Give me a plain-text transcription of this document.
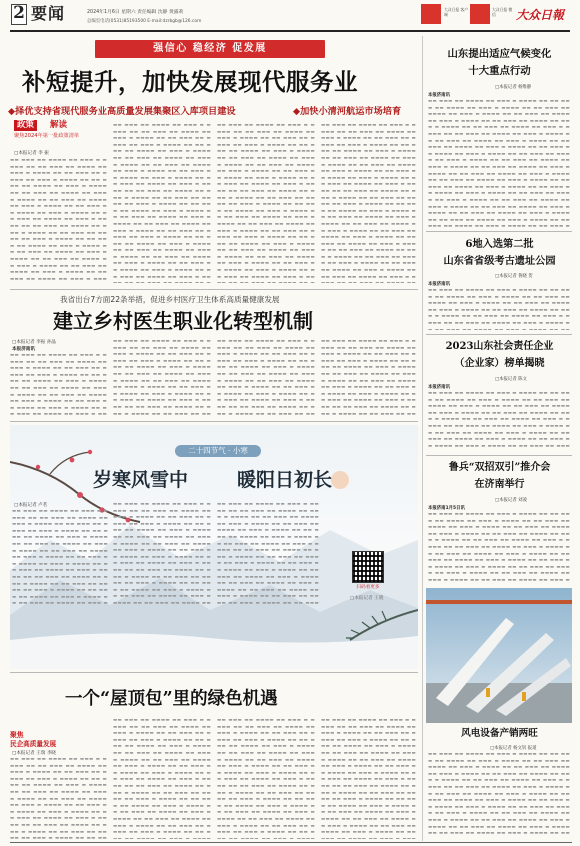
2 要闻	2024年1月6日 星期六 责任编辑 沈静 黄露莉
总编室电话(0531)85193500 E-mail:dzrbgb@126.com
大众日报 客户端
大众日报 微信	大众日報
强信心 稳经济 促发展
补短提升，加快发展现代服务业
◆择优支持省现代服务业高质量发展集聚区入库项目建设	◆加快小清河航运市场培育
政策	解读
聚焦2024年第一批政策清单
□本报记者 李 振
▬▬ ▬▬▬ ▬▬ ▬▬▬▬ ▬▬ ▬▬▬ ▬ ▬▬▬▬ ▬▬ ▬▬ ▬▬▬ ▬▬ ▬▬▬▬ ▬▬ ▬▬▬ ▬ ▬▬▬▬ ▬▬ ▬▬ ▬▬▬ ▬▬ ▬▬▬▬ ▬▬ ▬▬▬ ▬ ▬▬▬▬ ▬▬ ▬▬ ▬▬▬ ▬▬ ▬▬▬▬ ▬▬ ▬▬▬ ▬ ▬▬▬▬ ▬▬ ▬▬ ▬▬▬ ▬▬ ▬▬▬▬ ▬▬ ▬▬▬ ▬ ▬▬▬▬ ▬▬ ▬▬ ▬▬▬ ▬▬ ▬▬▬▬ ▬▬ ▬▬▬ ▬ ▬▬▬▬ ▬▬ ▬▬ ▬▬▬ ▬▬ ▬▬▬▬ ▬▬ ▬▬▬ ▬ ▬▬▬▬ ▬▬ ▬▬ ▬▬▬ ▬▬ ▬▬▬▬ ▬▬ ▬▬▬ ▬ ▬▬▬▬ ▬▬ ▬▬ ▬▬▬ ▬▬ ▬▬▬▬ ▬▬ ▬▬▬ ▬ ▬▬▬▬ ▬▬ ▬▬ ▬▬▬ ▬▬ ▬▬▬▬ ▬▬ ▬▬▬ ▬ ▬▬▬▬ ▬▬ ▬▬ ▬▬▬ ▬▬ ▬▬▬▬ ▬▬ ▬▬▬ ▬ ▬▬▬▬ ▬▬ ▬▬ ▬▬▬ ▬▬ ▬▬▬▬ ▬▬ ▬▬▬ ▬ ▬▬▬▬ ▬▬ ▬▬ ▬▬▬ ▬▬ ▬▬▬▬ ▬▬ ▬▬▬ ▬ ▬▬▬▬ ▬▬ ▬▬ ▬▬▬ ▬▬ ▬▬▬▬ ▬▬ ▬▬▬ ▬ ▬▬▬▬ ▬▬ ▬▬ ▬▬▬ ▬▬ ▬▬▬▬ ▬▬ ▬▬▬ ▬ ▬▬▬
▬▬ ▬▬▬ ▬▬ ▬▬▬▬ ▬▬ ▬▬▬ ▬ ▬▬▬▬ ▬▬ ▬▬ ▬▬▬ ▬▬ ▬▬▬▬ ▬▬ ▬▬▬ ▬ ▬▬▬▬ ▬▬ ▬▬ ▬▬▬ ▬▬ ▬▬▬▬ ▬▬ ▬▬▬ ▬ ▬▬▬▬ ▬▬ ▬▬ ▬▬▬ ▬▬ ▬▬▬▬ ▬▬ ▬▬▬ ▬ ▬▬▬▬ ▬▬ ▬▬ ▬▬▬ ▬▬ ▬▬▬▬ ▬▬ ▬▬▬ ▬ ▬▬▬▬ ▬▬ ▬▬ ▬▬▬ ▬▬ ▬▬▬▬ ▬▬ ▬▬▬ ▬ ▬▬▬▬ ▬▬ ▬▬ ▬▬▬ ▬▬ ▬▬▬▬ ▬▬ ▬▬▬ ▬ ▬▬▬▬ ▬▬ ▬▬ ▬▬▬ ▬▬ ▬▬▬▬ ▬▬ ▬▬▬ ▬ ▬▬▬▬ ▬▬ ▬▬ ▬▬▬ ▬▬ ▬▬▬▬ ▬▬ ▬▬▬ ▬ ▬▬▬▬ ▬▬ ▬▬ ▬▬▬ ▬▬ ▬▬▬▬ ▬▬ ▬▬▬ ▬ ▬▬▬▬ ▬▬ ▬▬ ▬▬▬ ▬▬ ▬▬▬▬ ▬▬ ▬▬▬ ▬ ▬▬▬▬ ▬▬ ▬▬ ▬▬▬ ▬▬ ▬▬▬▬ ▬▬ ▬▬▬ ▬ ▬▬▬▬ ▬▬ ▬▬ ▬▬▬ ▬▬ ▬▬▬▬ ▬▬ ▬▬▬ ▬ ▬▬▬▬ ▬▬ ▬▬ ▬▬▬ ▬▬ ▬▬▬▬ ▬▬ ▬▬▬ ▬ ▬▬▬▬ ▬▬ ▬▬ ▬▬▬ ▬▬ ▬▬▬▬ ▬▬ ▬▬▬ ▬ ▬▬▬▬ ▬▬ ▬▬ ▬▬▬ ▬▬ ▬▬▬▬ ▬▬ ▬▬▬ ▬ ▬▬▬▬ ▬▬ ▬▬ ▬▬▬ ▬▬ ▬▬▬▬ ▬▬ ▬▬▬ ▬ ▬▬▬▬ ▬▬ ▬▬ ▬▬▬ ▬▬ ▬▬▬▬ ▬▬ ▬▬▬ ▬ ▬▬▬▬ ▬▬ ▬▬ ▬▬▬ ▬▬ ▬▬▬▬ ▬▬ ▬▬▬ ▬ ▬▬
▬▬ ▬▬▬ ▬▬ ▬▬▬▬ ▬▬ ▬▬▬ ▬ ▬▬▬▬ ▬▬ ▬▬ ▬▬▬ ▬▬ ▬▬▬▬ ▬▬ ▬▬▬ ▬ ▬▬▬▬ ▬▬ ▬▬ ▬▬▬ ▬▬ ▬▬▬▬ ▬▬ ▬▬▬ ▬ ▬▬▬▬ ▬▬ ▬▬ ▬▬▬ ▬▬ ▬▬▬▬ ▬▬ ▬▬▬ ▬ ▬▬▬▬ ▬▬ ▬▬ ▬▬▬ ▬▬ ▬▬▬▬ ▬▬ ▬▬▬ ▬ ▬▬▬▬ ▬▬ ▬▬ ▬▬▬ ▬▬ ▬▬▬▬ ▬▬ ▬▬▬ ▬ ▬▬▬▬ ▬▬ ▬▬ ▬▬▬ ▬▬ ▬▬▬▬ ▬▬ ▬▬▬ ▬ ▬▬▬▬ ▬▬ ▬▬ ▬▬▬ ▬▬ ▬▬▬▬ ▬▬ ▬▬▬ ▬ ▬▬▬▬ ▬▬ ▬▬ ▬▬▬ ▬▬ ▬▬▬▬ ▬▬ ▬▬▬ ▬ ▬▬▬▬ ▬▬ ▬▬ ▬▬▬ ▬▬ ▬▬▬▬ ▬▬ ▬▬▬ ▬ ▬▬▬▬ ▬▬ ▬▬ ▬▬▬ ▬▬ ▬▬▬▬ ▬▬ ▬▬▬ ▬ ▬▬▬▬ ▬▬ ▬▬ ▬▬▬ ▬▬ ▬▬▬▬ ▬▬ ▬▬▬ ▬ ▬▬▬▬ ▬▬ ▬▬ ▬▬▬ ▬▬ ▬▬▬▬ ▬▬ ▬▬▬ ▬ ▬▬▬▬ ▬▬ ▬▬ ▬▬▬ ▬▬ ▬▬▬▬ ▬▬ ▬▬▬ ▬ ▬▬▬▬ ▬▬ ▬▬ ▬▬▬ ▬▬ ▬▬▬▬ ▬▬ ▬▬▬ ▬ ▬▬▬▬ ▬▬ ▬▬ ▬▬▬ ▬▬ ▬▬▬▬ ▬▬ ▬▬▬ ▬ ▬▬▬▬ ▬▬ ▬▬ ▬▬▬ ▬▬ ▬▬▬▬ ▬▬ ▬▬▬ ▬ ▬▬▬▬ ▬▬ ▬▬ ▬▬▬ ▬▬ ▬▬▬▬ ▬▬ ▬▬▬ ▬ ▬▬▬▬ ▬▬ ▬▬ ▬▬▬ ▬▬ ▬▬▬▬ ▬▬ ▬▬▬ ▬ ▬▬
▬▬ ▬▬▬ ▬▬ ▬▬▬▬ ▬▬ ▬▬▬ ▬ ▬▬▬▬ ▬▬ ▬▬ ▬▬▬ ▬▬ ▬▬▬▬ ▬▬ ▬▬▬ ▬ ▬▬▬▬ ▬▬ ▬▬ ▬▬▬ ▬▬ ▬▬▬▬ ▬▬ ▬▬▬ ▬ ▬▬▬▬ ▬▬ ▬▬ ▬▬▬ ▬▬ ▬▬▬▬ ▬▬ ▬▬▬ ▬ ▬▬▬▬ ▬▬ ▬▬ ▬▬▬ ▬▬ ▬▬▬▬ ▬▬ ▬▬▬ ▬ ▬▬▬▬ ▬▬ ▬▬ ▬▬▬ ▬▬ ▬▬▬▬ ▬▬ ▬▬▬ ▬ ▬▬▬▬ ▬▬ ▬▬ ▬▬▬ ▬▬ ▬▬▬▬ ▬▬ ▬▬▬ ▬ ▬▬▬▬ ▬▬ ▬▬ ▬▬▬ ▬▬ ▬▬▬▬ ▬▬ ▬▬▬ ▬ ▬▬▬▬ ▬▬ ▬▬ ▬▬▬ ▬▬ ▬▬▬▬ ▬▬ ▬▬▬ ▬ ▬▬▬▬ ▬▬ ▬▬ ▬▬▬ ▬▬ ▬▬▬▬ ▬▬ ▬▬▬ ▬ ▬▬▬▬ ▬▬ ▬▬ ▬▬▬ ▬▬ ▬▬▬▬ ▬▬ ▬▬▬ ▬ ▬▬▬▬ ▬▬ ▬▬ ▬▬▬ ▬▬ ▬▬▬▬ ▬▬ ▬▬▬ ▬ ▬▬▬▬ ▬▬ ▬▬ ▬▬▬ ▬▬ ▬▬▬▬ ▬▬ ▬▬▬ ▬ ▬▬▬▬ ▬▬ ▬▬ ▬▬▬ ▬▬ ▬▬▬▬ ▬▬ ▬▬▬ ▬ ▬▬▬▬ ▬▬ ▬▬ ▬▬▬ ▬▬ ▬▬▬▬ ▬▬ ▬▬▬ ▬ ▬▬▬▬ ▬▬ ▬▬ ▬▬▬ ▬▬ ▬▬▬▬ ▬▬ ▬▬▬ ▬ ▬▬▬▬ ▬▬ ▬▬ ▬▬▬ ▬▬ ▬▬▬▬ ▬▬ ▬▬▬ ▬ ▬▬▬▬ ▬▬ ▬▬ ▬▬▬ ▬▬ ▬▬▬▬ ▬▬ ▬▬▬ ▬ ▬▬▬▬ ▬▬ ▬▬ ▬▬▬ ▬▬ ▬▬▬▬ ▬▬ ▬▬▬ ▬ ▬
我省出台7方面22条举措，促进乡村医疗卫生体系高质量健康发展
建立乡村医生职业化转型机制
□本报记者 李振 孙晶
本报济南讯
▬▬ ▬▬▬ ▬▬ ▬▬▬▬ ▬▬ ▬▬▬ ▬ ▬▬▬▬ ▬▬ ▬▬ ▬▬▬ ▬▬ ▬▬▬▬ ▬▬ ▬▬▬ ▬ ▬▬▬▬ ▬▬ ▬▬ ▬▬▬ ▬▬ ▬▬▬▬ ▬▬ ▬▬▬ ▬ ▬▬▬▬ ▬▬ ▬▬ ▬▬▬ ▬▬ ▬▬▬▬ ▬▬ ▬▬▬ ▬ ▬▬▬▬ ▬▬ ▬▬ ▬▬▬ ▬▬ ▬▬▬▬ ▬▬ ▬▬▬ ▬ ▬▬▬▬ ▬▬ ▬▬ ▬▬▬ ▬▬ ▬▬▬▬ ▬▬ ▬▬▬ ▬ ▬▬▬▬ ▬▬ ▬▬ ▬▬▬ ▬▬ ▬▬▬▬ ▬▬ ▬▬▬ ▬ ▬▬▬▬ ▬▬ ▬▬ ▬▬▬ ▬▬ ▬▬▬▬ ▬▬ ▬▬▬ ▬ ▬▬
▬▬ ▬▬▬ ▬▬ ▬▬▬▬ ▬▬ ▬▬▬ ▬ ▬▬▬▬ ▬▬ ▬▬ ▬▬▬ ▬▬ ▬▬▬▬ ▬▬ ▬▬▬ ▬ ▬▬▬▬ ▬▬ ▬▬ ▬▬▬ ▬▬ ▬▬▬▬ ▬▬ ▬▬▬ ▬ ▬▬▬▬ ▬▬ ▬▬ ▬▬▬ ▬▬ ▬▬▬▬ ▬▬ ▬▬▬ ▬ ▬▬▬▬ ▬▬ ▬▬ ▬▬▬ ▬▬ ▬▬▬▬ ▬▬ ▬▬▬ ▬ ▬▬▬▬ ▬▬ ▬▬ ▬▬▬ ▬▬ ▬▬▬▬ ▬▬ ▬▬▬ ▬ ▬▬▬▬ ▬▬ ▬▬ ▬▬▬ ▬▬ ▬▬▬▬ ▬▬ ▬▬▬ ▬ ▬▬▬▬ ▬▬ ▬▬ ▬▬▬ ▬▬ ▬▬▬▬ ▬▬ ▬▬▬ ▬ ▬▬▬▬ ▬▬ ▬▬ ▬▬▬ ▬▬ ▬▬▬▬ ▬▬ ▬▬▬ ▬ ▬▬▬▬ ▬▬ ▬▬ ▬▬▬ ▬▬ ▬▬
▬▬ ▬▬▬ ▬▬ ▬▬▬▬ ▬▬ ▬▬▬ ▬ ▬▬▬▬ ▬▬ ▬▬ ▬▬▬ ▬▬ ▬▬▬▬ ▬▬ ▬▬▬ ▬ ▬▬▬▬ ▬▬ ▬▬ ▬▬▬ ▬▬ ▬▬▬▬ ▬▬ ▬▬▬ ▬ ▬▬▬▬ ▬▬ ▬▬ ▬▬▬ ▬▬ ▬▬▬▬ ▬▬ ▬▬▬ ▬ ▬▬▬▬ ▬▬ ▬▬ ▬▬▬ ▬▬ ▬▬▬▬ ▬▬ ▬▬▬ ▬ ▬▬▬▬ ▬▬ ▬▬ ▬▬▬ ▬▬ ▬▬▬▬ ▬▬ ▬▬▬ ▬ ▬▬▬▬ ▬▬ ▬▬ ▬▬▬ ▬▬ ▬▬▬▬ ▬▬ ▬▬▬ ▬ ▬▬▬▬ ▬▬ ▬▬ ▬▬▬ ▬▬ ▬▬▬▬ ▬▬ ▬▬▬ ▬ ▬▬▬▬ ▬▬ ▬▬ ▬▬▬ ▬▬ ▬▬▬▬ ▬▬ ▬▬▬ ▬ ▬▬▬▬ ▬▬ ▬▬ ▬▬▬ ▬▬ ▬▬
▬▬ ▬▬▬ ▬▬ ▬▬▬▬ ▬▬ ▬▬▬ ▬ ▬▬▬▬ ▬▬ ▬▬ ▬▬▬ ▬▬ ▬▬▬▬ ▬▬ ▬▬▬ ▬ ▬▬▬▬ ▬▬ ▬▬ ▬▬▬ ▬▬ ▬▬▬▬ ▬▬ ▬▬▬ ▬ ▬▬▬▬ ▬▬ ▬▬ ▬▬▬ ▬▬ ▬▬▬▬ ▬▬ ▬▬▬ ▬ ▬▬▬▬ ▬▬ ▬▬ ▬▬▬ ▬▬ ▬▬▬▬ ▬▬ ▬▬▬ ▬ ▬▬▬▬ ▬▬ ▬▬ ▬▬▬ ▬▬ ▬▬▬▬ ▬▬ ▬▬▬ ▬ ▬▬▬▬ ▬▬ ▬▬ ▬▬▬ ▬▬ ▬▬▬▬ ▬▬ ▬▬▬ ▬ ▬▬▬▬ ▬▬ ▬▬ ▬▬▬ ▬▬ ▬▬▬▬ ▬▬ ▬▬▬ ▬ ▬▬▬▬ ▬▬ ▬▬ ▬▬▬ ▬▬ ▬▬▬▬ ▬▬ ▬▬▬ ▬ ▬▬▬▬ ▬▬ ▬▬ ▬▬▬ ▬▬ ▬▬
二十四节气 · 小寒
岁寒风雪中	暖阳日初长
□本报记者 卢茗
▬▬ ▬▬▬ ▬▬ ▬▬▬▬ ▬▬ ▬▬▬ ▬ ▬▬▬▬ ▬▬ ▬▬ ▬▬▬ ▬▬ ▬▬▬▬ ▬▬ ▬▬▬ ▬ ▬▬▬▬ ▬▬ ▬▬ ▬▬▬ ▬▬ ▬▬▬▬ ▬▬ ▬▬▬ ▬ ▬▬▬▬ ▬▬ ▬▬ ▬▬▬ ▬▬ ▬▬▬▬ ▬▬ ▬▬▬ ▬ ▬▬▬▬ ▬▬ ▬▬ ▬▬▬ ▬▬ ▬▬▬▬ ▬▬ ▬▬▬ ▬ ▬▬▬▬ ▬▬ ▬▬ ▬▬▬ ▬▬ ▬▬▬▬ ▬▬ ▬▬▬ ▬ ▬▬▬▬ ▬▬ ▬▬ ▬▬▬ ▬▬ ▬▬▬▬ ▬▬ ▬▬▬ ▬ ▬▬▬▬ ▬▬ ▬▬ ▬▬▬ ▬▬ ▬▬▬▬ ▬▬ ▬▬▬ ▬ ▬▬▬▬ ▬▬ ▬▬ ▬▬▬ ▬▬ ▬▬▬▬ ▬▬ ▬▬▬ ▬ ▬▬▬▬ ▬▬ ▬▬ ▬▬▬ ▬▬ ▬▬▬▬ ▬▬ ▬▬▬ ▬ ▬▬▬▬ ▬▬ ▬▬ ▬▬▬ ▬▬ ▬▬▬▬ ▬▬ ▬▬▬ ▬ ▬▬▬▬ ▬▬ ▬▬ ▬▬▬ ▬▬ ▬▬▬▬ ▬▬ ▬▬▬ ▬
▬▬ ▬▬▬ ▬▬ ▬▬▬▬ ▬▬ ▬▬▬ ▬ ▬▬▬▬ ▬▬ ▬▬ ▬▬▬ ▬▬ ▬▬▬▬ ▬▬ ▬▬▬ ▬ ▬▬▬▬ ▬▬ ▬▬ ▬▬▬ ▬▬ ▬▬▬▬ ▬▬ ▬▬▬ ▬ ▬▬▬▬ ▬▬ ▬▬ ▬▬▬ ▬▬ ▬▬▬▬ ▬▬ ▬▬▬ ▬ ▬▬▬▬ ▬▬ ▬▬ ▬▬▬ ▬▬ ▬▬▬▬ ▬▬ ▬▬▬ ▬ ▬▬▬▬ ▬▬ ▬▬ ▬▬▬ ▬▬ ▬▬▬▬ ▬▬ ▬▬▬ ▬ ▬▬▬▬ ▬▬ ▬▬ ▬▬▬ ▬▬ ▬▬▬▬ ▬▬ ▬▬▬ ▬ ▬▬▬▬ ▬▬ ▬▬ ▬▬▬ ▬▬ ▬▬▬▬ ▬▬ ▬▬▬ ▬ ▬▬▬▬ ▬▬ ▬▬ ▬▬▬ ▬▬ ▬▬▬▬ ▬▬ ▬▬▬ ▬ ▬▬▬▬ ▬▬ ▬▬ ▬▬▬ ▬▬ ▬▬▬▬ ▬▬ ▬▬▬ ▬ ▬▬▬▬ ▬▬ ▬▬ ▬▬▬ ▬▬ ▬▬▬▬ ▬▬ ▬▬▬ ▬ ▬▬▬▬ ▬▬ ▬▬ ▬▬▬ ▬▬ ▬▬▬▬ ▬▬ ▬▬▬ ▬ ▬▬▬▬ ▬▬ ▬▬ ▬▬▬ ▬▬ ▬▬▬▬ ▬▬
▬▬ ▬▬▬ ▬▬ ▬▬▬▬ ▬▬ ▬▬▬ ▬ ▬▬▬▬ ▬▬ ▬▬ ▬▬▬ ▬▬ ▬▬▬▬ ▬▬ ▬▬▬ ▬ ▬▬▬▬ ▬▬ ▬▬ ▬▬▬ ▬▬ ▬▬▬▬ ▬▬ ▬▬▬ ▬ ▬▬▬▬ ▬▬ ▬▬ ▬▬▬ ▬▬ ▬▬▬▬ ▬▬ ▬▬▬ ▬ ▬▬▬▬ ▬▬ ▬▬ ▬▬▬ ▬▬ ▬▬▬▬ ▬▬ ▬▬▬ ▬ ▬▬▬▬ ▬▬ ▬▬ ▬▬▬ ▬▬ ▬▬▬▬ ▬▬ ▬▬▬ ▬ ▬▬▬▬ ▬▬ ▬▬ ▬▬▬ ▬▬ ▬▬▬▬ ▬▬ ▬▬▬ ▬ ▬▬▬▬ ▬▬ ▬▬ ▬▬▬ ▬▬ ▬▬▬▬ ▬▬ ▬▬▬ ▬ ▬▬▬▬ ▬▬ ▬▬ ▬▬▬ ▬▬ ▬▬▬▬ ▬▬ ▬▬▬ ▬ ▬▬▬▬ ▬▬ ▬▬ ▬▬▬ ▬▬ ▬▬▬▬ ▬▬ ▬▬▬ ▬ ▬▬▬▬ ▬▬ ▬▬ ▬▬▬ ▬▬ ▬▬▬▬ ▬▬ ▬▬▬ ▬ ▬▬▬▬ ▬▬ ▬▬ ▬▬▬ ▬▬ ▬▬▬▬ ▬▬ ▬▬▬ ▬ ▬▬▬▬ ▬▬ ▬▬ ▬▬▬ ▬▬ ▬▬▬▬ ▬▬ ▬▬▬ ▬ ▬▬▬▬ ▬▬ ▬▬ ▬▬▬
扫码看更多
□本报记者 王晓
一个“屋顶包”里的绿色机遇
聚焦
民企高质量发展
□本报记者 王瑞 李晓
▬▬ ▬▬▬ ▬▬ ▬▬▬▬ ▬▬ ▬▬▬ ▬ ▬▬▬▬ ▬▬ ▬▬ ▬▬▬ ▬▬ ▬▬▬▬ ▬▬ ▬▬▬ ▬ ▬▬▬▬ ▬▬ ▬▬ ▬▬▬ ▬▬ ▬▬▬▬ ▬▬ ▬▬▬ ▬ ▬▬▬▬ ▬▬ ▬▬ ▬▬▬ ▬▬ ▬▬▬▬ ▬▬ ▬▬▬ ▬ ▬▬▬▬ ▬▬ ▬▬ ▬▬▬ ▬▬ ▬▬▬▬ ▬▬ ▬▬▬ ▬ ▬▬▬▬ ▬▬ ▬▬ ▬▬▬ ▬▬ ▬▬▬▬ ▬▬ ▬▬▬ ▬ ▬▬▬▬ ▬▬ ▬▬ ▬▬▬ ▬▬ ▬▬▬▬ ▬▬ ▬▬▬ ▬ ▬▬▬▬ ▬▬ ▬▬ ▬▬▬ ▬▬ ▬▬▬▬ ▬▬ ▬▬▬ ▬ ▬▬▬▬ ▬▬ ▬▬ ▬▬▬ ▬▬ ▬▬▬▬ ▬▬ ▬▬▬ ▬ ▬▬▬▬ ▬▬ ▬▬ ▬▬▬ ▬▬ ▬▬▬▬ ▬▬ ▬▬▬ ▬ ▬▬▬▬ ▬▬ ▬▬ ▬▬
▬▬ ▬▬▬ ▬▬ ▬▬▬▬ ▬▬ ▬▬▬ ▬ ▬▬▬▬ ▬▬ ▬▬ ▬▬▬ ▬▬ ▬▬▬▬ ▬▬ ▬▬▬ ▬ ▬▬▬▬ ▬▬ ▬▬ ▬▬▬ ▬▬ ▬▬▬▬ ▬▬ ▬▬▬ ▬ ▬▬▬▬ ▬▬ ▬▬ ▬▬▬ ▬▬ ▬▬▬▬ ▬▬ ▬▬▬ ▬ ▬▬▬▬ ▬▬ ▬▬ ▬▬▬ ▬▬ ▬▬▬▬ ▬▬ ▬▬▬ ▬ ▬▬▬▬ ▬▬ ▬▬ ▬▬▬ ▬▬ ▬▬▬▬ ▬▬ ▬▬▬ ▬ ▬▬▬▬ ▬▬ ▬▬ ▬▬▬ ▬▬ ▬▬▬▬ ▬▬ ▬▬▬ ▬ ▬▬▬▬ ▬▬ ▬▬ ▬▬▬ ▬▬ ▬▬▬▬ ▬▬ ▬▬▬ ▬ ▬▬▬▬ ▬▬ ▬▬ ▬▬▬ ▬▬ ▬▬▬▬ ▬▬ ▬▬▬ ▬ ▬▬▬▬ ▬▬ ▬▬ ▬▬▬ ▬▬ ▬▬▬▬ ▬▬ ▬▬▬ ▬ ▬▬▬▬ ▬▬ ▬▬ ▬▬▬ ▬▬ ▬▬▬▬ ▬▬ ▬▬▬ ▬ ▬▬▬▬ ▬▬ ▬▬ ▬▬▬ ▬▬ ▬▬▬▬ ▬▬ ▬▬▬ ▬ ▬▬▬▬ ▬▬ ▬▬ ▬▬▬ ▬▬ ▬▬▬▬ ▬▬ ▬▬▬ ▬ ▬▬▬▬ ▬▬ ▬▬ ▬▬▬ ▬▬ ▬▬▬▬ ▬▬ ▬▬▬ ▬ ▬▬▬▬ ▬▬ ▬▬ ▬
▬▬ ▬▬▬ ▬▬ ▬▬▬▬ ▬▬ ▬▬▬ ▬ ▬▬▬▬ ▬▬ ▬▬ ▬▬▬ ▬▬ ▬▬▬▬ ▬▬ ▬▬▬ ▬ ▬▬▬▬ ▬▬ ▬▬ ▬▬▬ ▬▬ ▬▬▬▬ ▬▬ ▬▬▬ ▬ ▬▬▬▬ ▬▬ ▬▬ ▬▬▬ ▬▬ ▬▬▬▬ ▬▬ ▬▬▬ ▬ ▬▬▬▬ ▬▬ ▬▬ ▬▬▬ ▬▬ ▬▬▬▬ ▬▬ ▬▬▬ ▬ ▬▬▬▬ ▬▬ ▬▬ ▬▬▬ ▬▬ ▬▬▬▬ ▬▬ ▬▬▬ ▬ ▬▬▬▬ ▬▬ ▬▬ ▬▬▬ ▬▬ ▬▬▬▬ ▬▬ ▬▬▬ ▬ ▬▬▬▬ ▬▬ ▬▬ ▬▬▬ ▬▬ ▬▬▬▬ ▬▬ ▬▬▬ ▬ ▬▬▬▬ ▬▬ ▬▬ ▬▬▬ ▬▬ ▬▬▬▬ ▬▬ ▬▬▬ ▬ ▬▬▬▬ ▬▬ ▬▬ ▬▬▬ ▬▬ ▬▬▬▬ ▬▬ ▬▬▬ ▬ ▬▬▬▬ ▬▬ ▬▬ ▬▬▬ ▬▬ ▬▬▬▬ ▬▬ ▬▬▬ ▬ ▬▬▬▬ ▬▬ ▬▬ ▬▬▬ ▬▬ ▬▬▬▬ ▬▬ ▬▬▬ ▬ ▬▬▬▬ ▬▬ ▬▬ ▬▬▬ ▬▬ ▬▬▬▬ ▬▬ ▬▬▬ ▬ ▬▬▬▬ ▬▬ ▬▬ ▬▬▬ ▬▬ ▬▬▬▬ ▬▬ ▬▬▬ ▬ ▬▬▬▬ ▬▬ ▬▬ ▬
▬▬ ▬▬▬ ▬▬ ▬▬▬▬ ▬▬ ▬▬▬ ▬ ▬▬▬▬ ▬▬ ▬▬ ▬▬▬ ▬▬ ▬▬▬▬ ▬▬ ▬▬▬ ▬ ▬▬▬▬ ▬▬ ▬▬ ▬▬▬ ▬▬ ▬▬▬▬ ▬▬ ▬▬▬ ▬ ▬▬▬▬ ▬▬ ▬▬ ▬▬▬ ▬▬ ▬▬▬▬ ▬▬ ▬▬▬ ▬ ▬▬▬▬ ▬▬ ▬▬ ▬▬▬ ▬▬ ▬▬▬▬ ▬▬ ▬▬▬ ▬ ▬▬▬▬ ▬▬ ▬▬ ▬▬▬ ▬▬ ▬▬▬▬ ▬▬ ▬▬▬ ▬ ▬▬▬▬ ▬▬ ▬▬ ▬▬▬ ▬▬ ▬▬▬▬ ▬▬ ▬▬▬ ▬ ▬▬▬▬ ▬▬ ▬▬ ▬▬▬ ▬▬ ▬▬▬▬ ▬▬ ▬▬▬ ▬ ▬▬▬▬ ▬▬ ▬▬ ▬▬▬ ▬▬ ▬▬▬▬ ▬▬ ▬▬▬ ▬ ▬▬▬▬ ▬▬ ▬▬ ▬▬▬ ▬▬ ▬▬▬▬ ▬▬ ▬▬▬ ▬ ▬▬▬▬ ▬▬ ▬▬ ▬▬▬ ▬▬ ▬▬▬▬ ▬▬ ▬▬▬ ▬ ▬▬▬▬ ▬▬ ▬▬ ▬▬▬ ▬▬ ▬▬▬▬ ▬▬ ▬▬▬ ▬ ▬▬▬▬ ▬▬ ▬▬ ▬▬▬ ▬▬ ▬▬▬▬ ▬▬ ▬▬▬ ▬ ▬▬▬▬ ▬▬ ▬▬ ▬▬▬ ▬▬ ▬▬▬▬ ▬▬ ▬▬▬ ▬ ▬▬▬▬ ▬▬ ▬▬
山东提出适应气候变化
十大重点行动
□本报记者 杨维静
本报济南讯
▬▬ ▬▬▬ ▬▬ ▬▬▬▬ ▬▬ ▬▬▬ ▬ ▬▬▬▬ ▬▬ ▬▬ ▬▬▬ ▬▬ ▬▬▬▬ ▬▬ ▬▬▬ ▬ ▬▬▬▬ ▬▬ ▬▬ ▬▬▬ ▬▬ ▬▬▬▬ ▬▬ ▬▬▬ ▬ ▬▬▬▬ ▬▬ ▬▬ ▬▬▬ ▬▬ ▬▬▬▬ ▬▬ ▬▬▬ ▬ ▬▬▬▬ ▬▬ ▬▬ ▬▬▬ ▬▬ ▬▬▬▬ ▬▬ ▬▬▬ ▬ ▬▬▬▬ ▬▬ ▬▬ ▬▬▬ ▬▬ ▬▬▬▬ ▬▬ ▬▬▬ ▬ ▬▬▬▬ ▬▬ ▬▬ ▬▬▬ ▬▬ ▬▬▬▬ ▬▬ ▬▬▬ ▬ ▬▬▬▬ ▬▬ ▬▬ ▬▬▬ ▬▬ ▬▬▬▬ ▬▬ ▬▬▬ ▬ ▬▬▬▬ ▬▬ ▬▬ ▬▬▬ ▬▬ ▬▬▬▬ ▬▬ ▬▬▬ ▬ ▬▬▬▬ ▬▬ ▬▬ ▬▬▬ ▬▬ ▬▬▬▬ ▬▬ ▬▬▬ ▬ ▬▬▬▬ ▬▬ ▬▬ ▬▬▬ ▬▬ ▬▬▬▬ ▬▬ ▬▬▬ ▬ ▬▬▬▬ ▬▬ ▬▬ ▬▬▬ ▬▬ ▬▬▬▬ ▬▬ ▬▬▬ ▬ ▬▬▬▬ ▬▬ ▬▬ ▬▬▬ ▬▬ ▬▬▬▬ ▬▬ ▬▬▬ ▬ ▬▬▬▬ ▬▬ ▬▬ ▬▬▬ ▬▬ ▬▬▬▬ ▬▬ ▬▬▬ ▬ ▬▬▬▬ ▬▬ ▬▬ ▬▬▬ ▬▬ ▬▬▬▬ ▬▬ ▬▬▬ ▬ ▬▬▬▬ ▬▬ ▬▬ ▬▬▬ ▬▬ ▬▬▬▬ ▬▬ ▬▬▬ ▬ ▬▬▬▬ ▬▬ ▬▬ ▬▬▬ ▬▬ ▬▬▬▬ ▬▬ ▬▬▬ ▬ ▬▬▬▬ ▬▬ ▬▬ ▬▬▬ ▬▬ ▬▬▬▬ ▬▬ ▬▬▬ ▬ ▬▬▬▬ ▬▬ ▬▬ ▬▬▬ ▬▬ ▬▬▬▬ ▬▬ ▬▬▬ ▬ ▬▬▬▬ ▬▬ ▬▬ ▬▬▬ ▬▬ ▬▬▬▬ ▬▬ ▬▬▬ ▬ ▬▬▬▬ ▬▬ ▬▬ ▬▬▬ ▬▬ ▬▬▬▬ ▬▬ ▬▬▬ ▬ ▬▬▬▬ ▬▬ ▬▬ ▬▬▬ ▬▬ ▬▬▬▬ ▬▬ ▬▬▬ ▬ ▬▬▬▬ ▬▬ ▬▬ ▬▬▬ ▬▬ ▬▬▬▬ ▬▬ ▬▬▬ ▬ ▬▬▬▬ ▬▬ ▬▬ ▬▬▬ ▬
6地入选第二批
山东省省级考古遗址公园
□本报记者 鲁晓 贺
本报济南讯
▬▬ ▬▬▬ ▬▬ ▬▬▬▬ ▬▬ ▬▬▬ ▬ ▬▬▬▬ ▬▬ ▬▬ ▬▬▬ ▬▬ ▬▬▬▬ ▬▬ ▬▬▬ ▬ ▬▬▬▬ ▬▬ ▬▬ ▬▬▬ ▬▬ ▬▬▬▬ ▬▬ ▬▬▬ ▬ ▬▬▬▬ ▬▬ ▬▬ ▬▬▬ ▬▬ ▬▬▬▬ ▬▬ ▬▬▬ ▬ ▬▬▬▬ ▬▬ ▬▬ ▬▬▬ ▬▬ ▬▬▬▬ ▬▬ ▬▬▬ ▬ ▬▬▬▬ ▬▬ ▬▬ ▬▬▬ ▬▬ ▬▬▬▬ ▬▬ ▬▬▬ ▬ ▬▬▬▬ ▬▬ ▬▬ ▬▬▬ ▬▬ ▬▬▬▬ ▬▬ ▬▬▬ ▬ ▬▬▬▬ ▬
2023山东社会责任企业
（企业家）榜单揭晓
□本报记者 陈文
本报济南讯
▬▬ ▬▬▬ ▬▬ ▬▬▬▬ ▬▬ ▬▬▬ ▬ ▬▬▬▬ ▬▬ ▬▬ ▬▬▬ ▬▬ ▬▬▬▬ ▬▬ ▬▬▬ ▬ ▬▬▬▬ ▬▬ ▬▬ ▬▬▬ ▬▬ ▬▬▬▬ ▬▬ ▬▬▬ ▬ ▬▬▬▬ ▬▬ ▬▬ ▬▬▬ ▬▬ ▬▬▬▬ ▬▬ ▬▬▬ ▬ ▬▬▬▬ ▬▬ ▬▬ ▬▬▬ ▬▬ ▬▬▬▬ ▬▬ ▬▬▬ ▬ ▬▬▬▬ ▬▬ ▬▬ ▬▬▬ ▬▬ ▬▬▬▬ ▬▬ ▬▬▬ ▬ ▬▬▬▬ ▬▬ ▬▬ ▬▬▬ ▬▬ ▬▬▬▬ ▬▬ ▬▬▬ ▬ ▬▬▬▬ ▬▬ ▬▬ ▬▬▬ ▬▬ ▬▬▬▬ ▬▬ ▬▬▬ ▬ ▬▬▬▬ ▬▬ ▬▬ ▬▬▬ ▬▬ ▬▬▬▬ ▬▬ ▬▬▬ ▬ ▬▬▬▬ ▬▬ ▬▬ ▬▬▬ ▬▬ ▬▬▬▬ ▬▬ ▬▬▬ ▬ ▬▬▬▬ ▬▬ ▬▬ ▬▬▬ ▬▬ ▬▬▬
鲁兵“双招双引”推介会
在济南举行
□本报记者 刘凌
本报济南1月5日讯
▬▬ ▬▬▬ ▬▬ ▬▬▬▬ ▬▬ ▬▬▬ ▬ ▬▬▬▬ ▬▬ ▬▬ ▬▬▬ ▬▬ ▬▬▬▬ ▬▬ ▬▬▬ ▬ ▬▬▬▬ ▬▬ ▬▬ ▬▬▬ ▬▬ ▬▬▬▬ ▬▬ ▬▬▬ ▬ ▬▬▬▬ ▬▬ ▬▬ ▬▬▬ ▬▬ ▬▬▬▬ ▬▬ ▬▬▬ ▬ ▬▬▬▬ ▬▬ ▬▬ ▬▬▬ ▬▬ ▬▬▬▬ ▬▬ ▬▬▬ ▬ ▬▬▬▬ ▬▬ ▬▬ ▬▬▬ ▬▬ ▬▬▬▬ ▬▬ ▬▬▬ ▬ ▬▬▬▬ ▬▬ ▬▬ ▬▬▬ ▬▬ ▬▬▬▬ ▬▬ ▬▬▬ ▬ ▬▬▬▬ ▬▬ ▬▬ ▬▬▬ ▬▬ ▬▬▬▬ ▬▬ ▬▬▬ ▬ ▬▬▬▬ ▬▬ ▬▬ ▬▬▬ ▬▬ ▬▬▬▬ ▬▬ ▬▬▬ ▬ ▬▬▬▬ ▬▬ ▬▬ ▬▬▬ ▬▬ ▬▬▬▬ ▬▬ ▬▬▬ ▬ ▬▬▬▬ ▬▬ ▬▬ ▬▬▬ ▬▬ ▬▬▬▬ ▬▬ ▬▬▬ ▬ ▬▬▬▬ ▬▬ ▬▬ ▬▬▬ ▬▬ ▬▬▬▬ ▬▬ ▬▬▬ ▬ ▬▬▬▬ ▬▬ ▬▬ ▬▬▬ ▬▬ ▬▬▬▬ ▬▬ ▬▬▬ ▬
风电设备产销两旺
□本报记者 杨文钊 报道
▬▬ ▬▬▬ ▬▬ ▬▬▬▬ ▬▬ ▬▬▬ ▬ ▬▬▬▬ ▬▬ ▬▬ ▬▬▬ ▬▬ ▬▬▬▬ ▬▬ ▬▬▬ ▬ ▬▬▬▬ ▬▬ ▬▬ ▬▬▬ ▬▬ ▬▬▬▬ ▬▬ ▬▬▬ ▬ ▬▬▬▬ ▬▬ ▬▬ ▬▬▬ ▬▬ ▬▬▬▬ ▬▬ ▬▬▬ ▬ ▬▬▬▬ ▬▬ ▬▬ ▬▬▬ ▬▬ ▬▬▬▬ ▬▬ ▬▬▬ ▬ ▬▬▬▬ ▬▬ ▬▬ ▬▬▬ ▬▬ ▬▬▬▬ ▬▬ ▬▬▬ ▬ ▬▬▬▬ ▬▬ ▬▬ ▬▬▬ ▬▬ ▬▬▬▬ ▬▬ ▬▬▬ ▬ ▬▬▬▬ ▬▬ ▬▬ ▬▬▬ ▬▬ ▬▬▬▬ ▬▬ ▬▬▬ ▬ ▬▬▬▬ ▬▬ ▬▬ ▬▬▬ ▬▬ ▬▬▬▬ ▬▬ ▬▬▬ ▬ ▬▬▬▬ ▬▬ ▬▬ ▬▬▬ ▬▬ ▬▬▬▬ ▬▬ ▬▬▬ ▬ ▬▬▬▬ ▬▬ ▬▬ ▬▬▬ ▬▬ ▬▬▬▬ ▬▬ ▬▬▬ ▬ ▬▬▬▬ ▬▬ ▬▬ ▬▬▬ ▬▬ ▬▬▬▬ ▬▬ ▬▬▬ ▬ ▬▬▬▬ ▬▬ ▬▬ ▬▬▬ ▬▬ ▬▬▬▬ ▬▬ ▬▬▬ ▬ ▬▬▬▬ ▬▬ ▬▬ ▬▬▬ ▬▬ ▬▬▬▬ ▬▬ ▬▬▬ ▬ ▬▬▬▬ ▬▬ ▬▬ ▬▬▬ ▬▬ ▬▬▬▬ ▬▬ ▬▬▬ ▬ ▬▬▬▬ ▬▬ ▬▬
